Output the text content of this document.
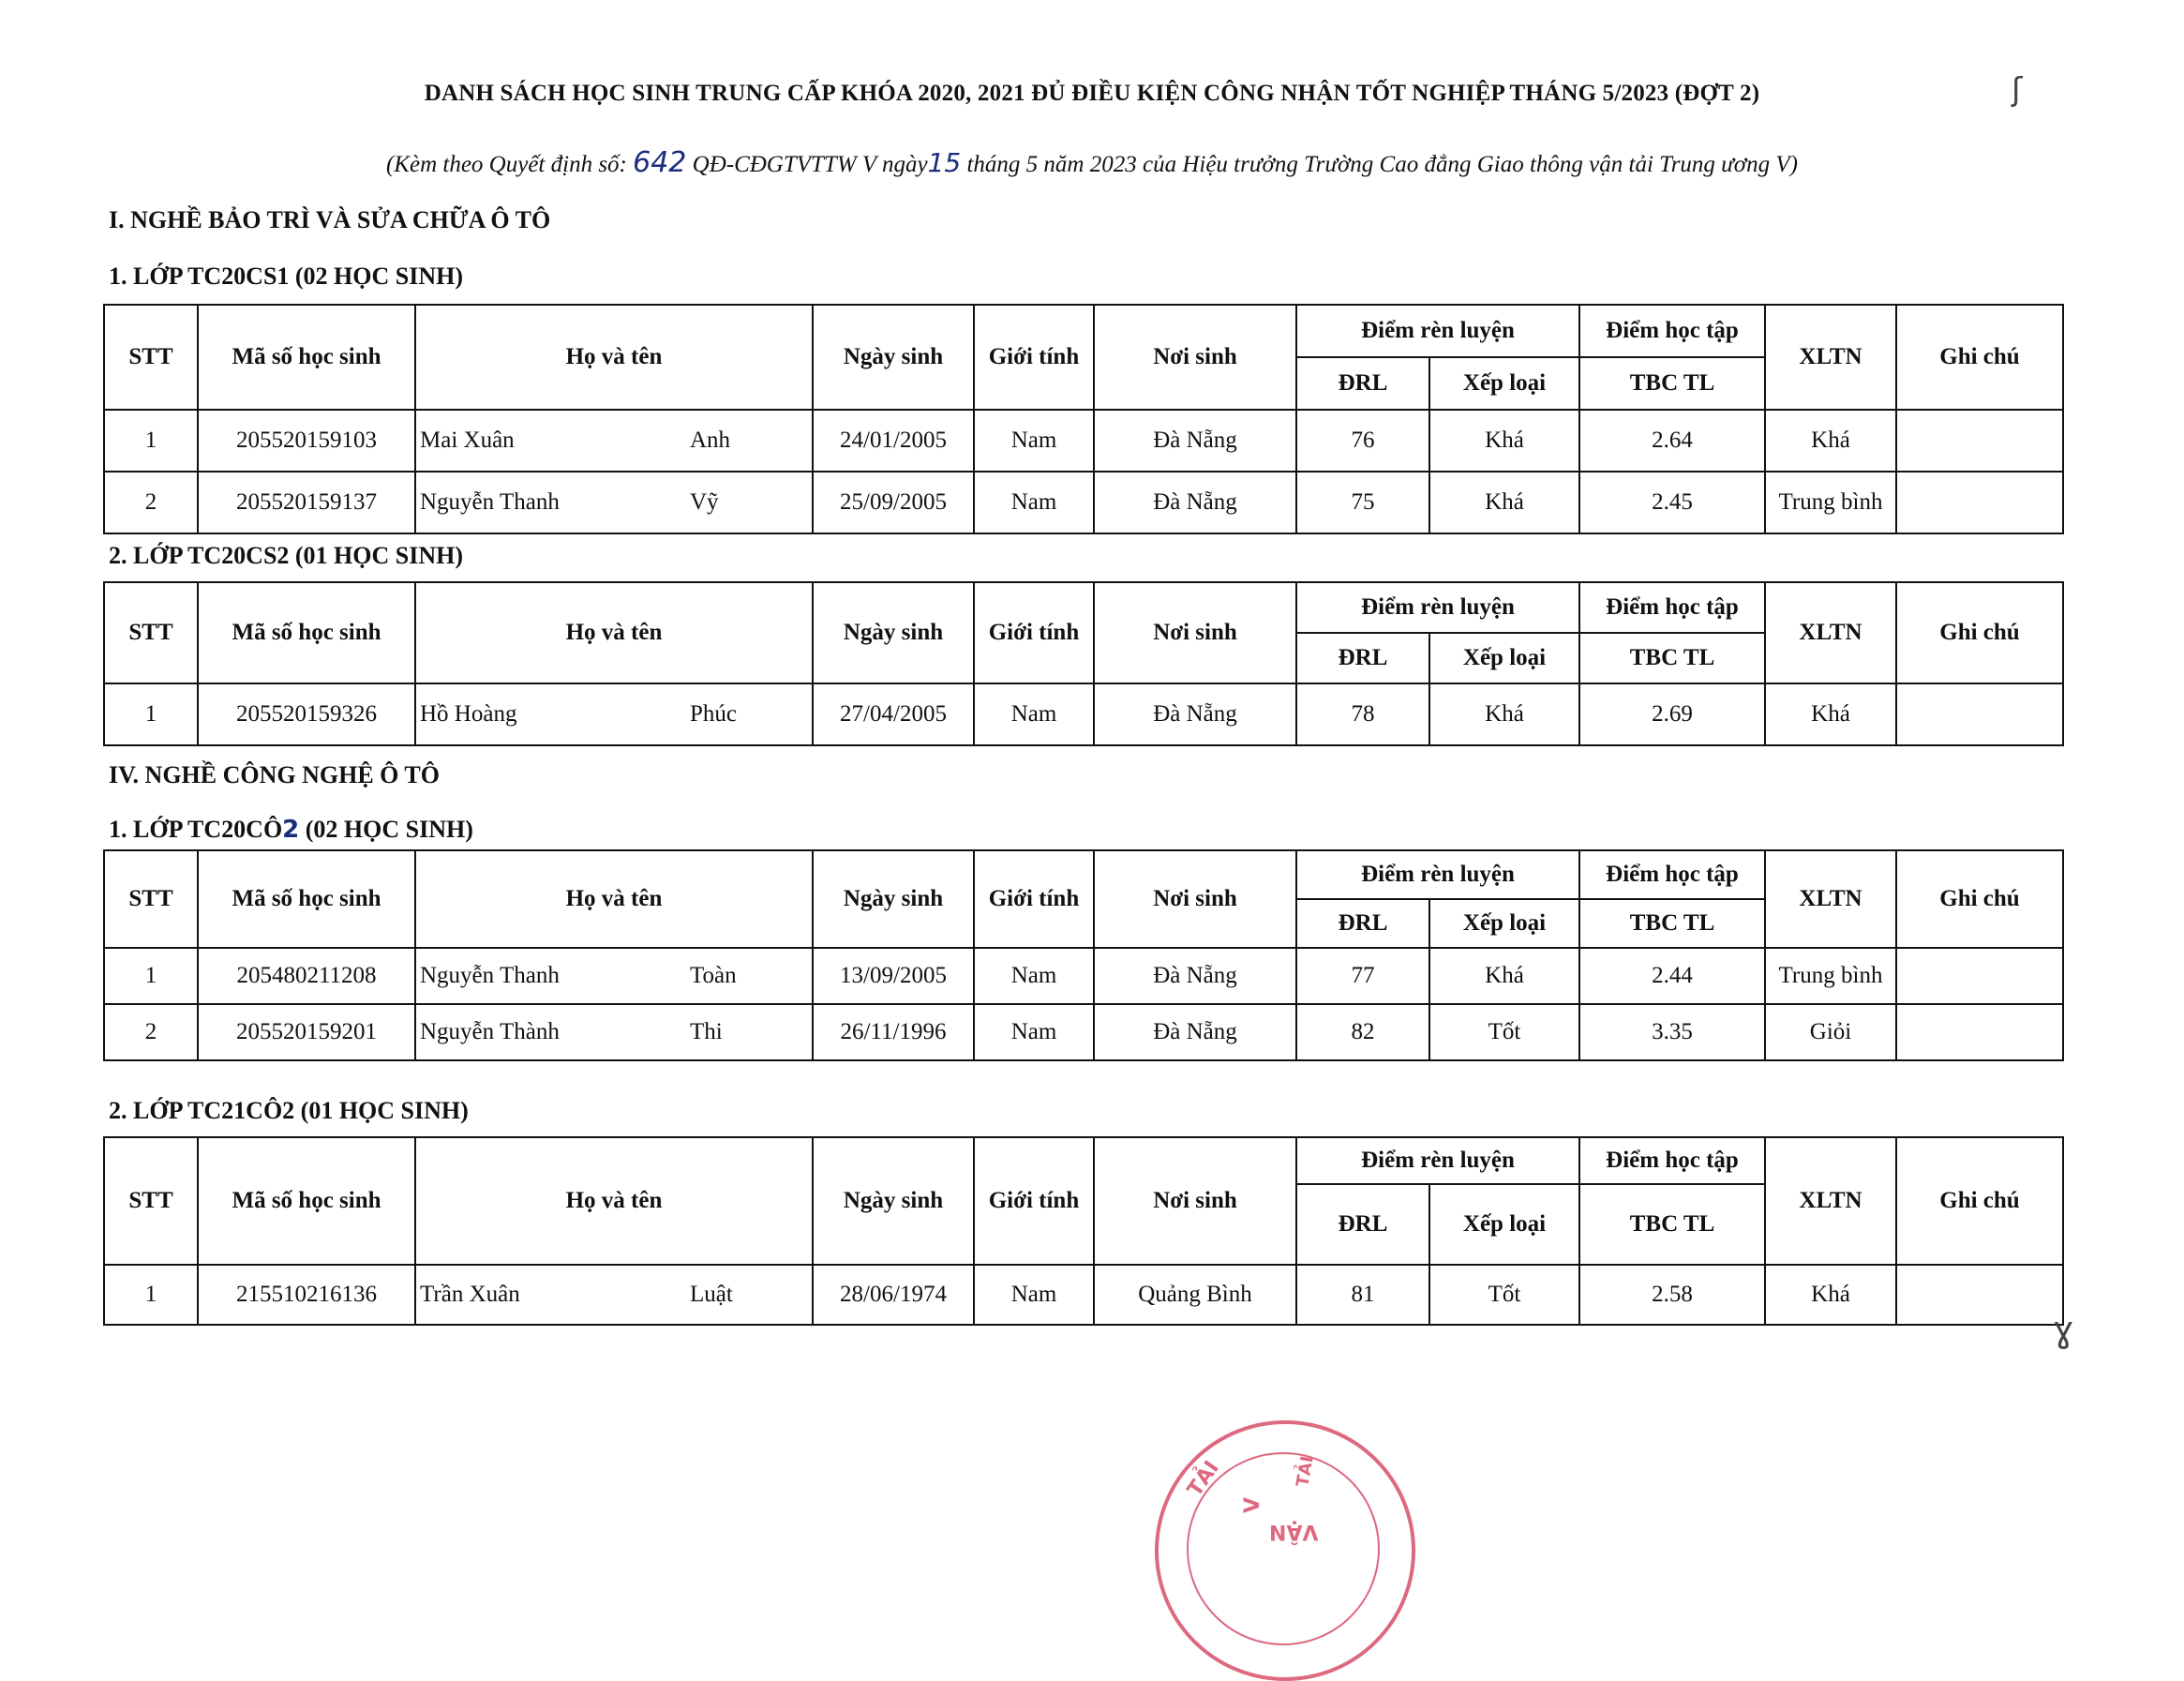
DANH SÁCH HỌC SINH TRUNG CẤP KHÓA 2020, 2021 ĐỦ ĐIỀU KIỆN CÔNG NHẬN TỐT NGHIỆP THÁNG 5/2023 (ĐỢT 2)
(Kèm theo Quyết định số: 642 QĐ-CĐGTVTTW V ngày15 tháng 5 năm 2023 của Hiệu trưởng Trường Cao đẳng Giao thông vận tải Trung ương V)
I. NGHỀ BẢO TRÌ VÀ SỬA CHỮA Ô TÔ
1. LỚP TC20CS1 (02 HỌC SINH)
STT	Mã số học sinh	Họ và tên	Ngày sinh	Giới tính	Nơi sinh	Điểm rèn luyện		Điểm học tập	XLTN	Ghi chú
						ĐRL	Xếp loại	TBC TL		
1	205520159103	Mai Xuân Anh	24/01/2005	Nam	Đà Nẵng	76	Khá	2.64	Khá	
2	205520159137	Nguyễn Thanh Vỹ	25/09/2005	Nam	Đà Nẵng	75	Khá	2.45	Trung bình	
2. LỚP TC20CS2 (01 HỌC SINH)
STT	Mã số học sinh	Họ và tên	Ngày sinh	Giới tính	Nơi sinh	Điểm rèn luyện		Điểm học tập	XLTN	Ghi chú
						ĐRL	Xếp loại	TBC TL		
1	205520159326	Hồ Hoàng Phúc	27/04/2005	Nam	Đà Nẵng	78	Khá	2.69	Khá	
IV. NGHỀ CÔNG NGHỆ Ô TÔ
1. LỚP TC20CÔ2 (02 HỌC SINH)
STT	Mã số học sinh	Họ và tên	Ngày sinh	Giới tính	Nơi sinh	Điểm rèn luyện		Điểm học tập	XLTN	Ghi chú
						ĐRL	Xếp loại	TBC TL		
1	205480211208	Nguyễn Thanh Toàn	13/09/2005	Nam	Đà Nẵng	77	Khá	2.44	Trung bình	
2	205520159201	Nguyễn Thành Thi	26/11/1996	Nam	Đà Nẵng	82	Tốt	3.35	Giỏi	
2. LỚP TC21CÔ2 (01 HỌC SINH)
STT	Mã số học sinh	Họ và tên	Ngày sinh	Giới tính	Nơi sinh	Điểm rèn luyện		Điểm học tập	XLTN	Ghi chú
						ĐRL	Xếp loại	TBC TL		
1	215510216136	Trần Xuân Luật	28/06/1974	Nam	Quảng Bình	81	Tốt	2.58	Khá	
ʃ
ɣ
TẢI
V
TẢI
VẬN
